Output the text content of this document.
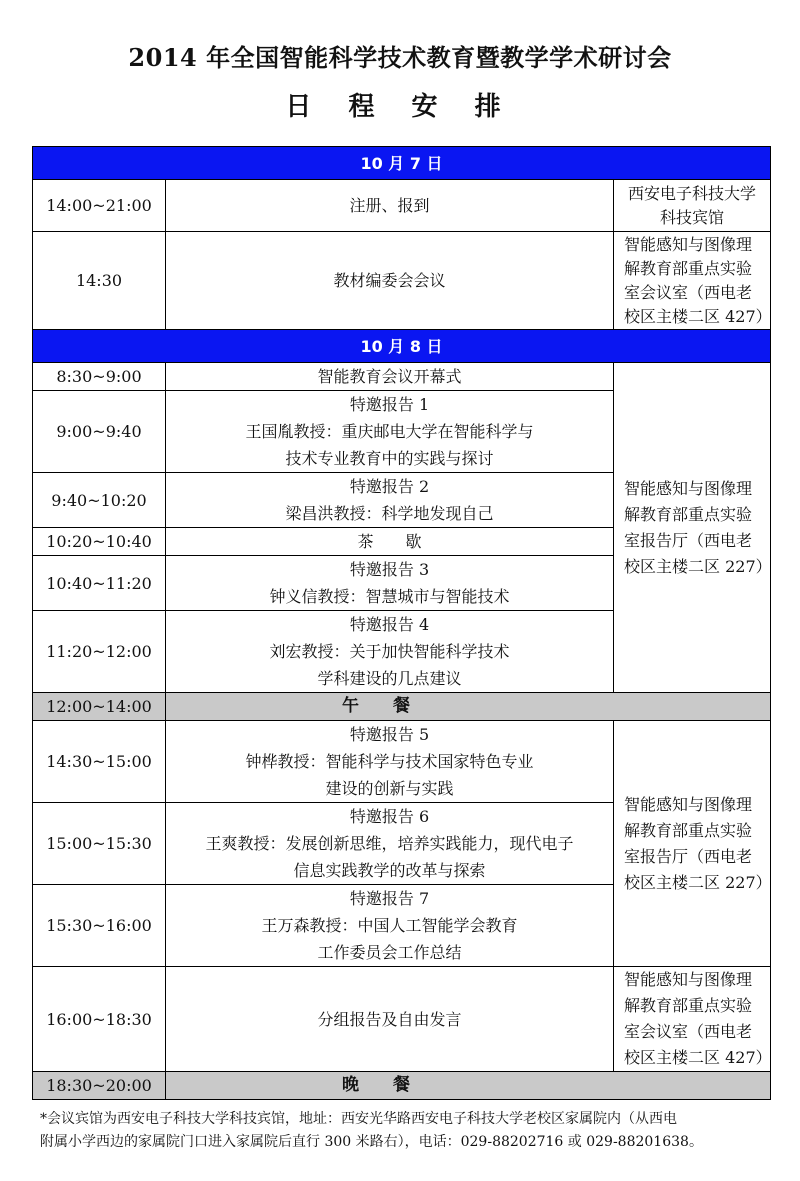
2014 年全国智能科学技术教育暨教学学术研讨会
日 程 安 排
10 月 7 日		
14:00~21:00	注册、报到	西安电子科技大学
科技宾馆

14:30	教材编委会会议	智能感知与图像理
解教育部重点实验
室会议室（西电老
校区主楼二区 427）

10 月 8 日		
8:30~9:00	智能教育会议开幕式	智能感知与图像理
解教育部重点实验
室报告厅（西电老
校区主楼二区 227）

9:00~9:40	特邀报告 1
王国胤教授：重庆邮电大学在智能科学与
技术专业教育中的实践与探讨	

9:40~10:20	特邀报告 2
梁昌洪教授：科学地发现自己	

10:20~10:40	茶　　歇	

10:40~11:20	特邀报告 3
钟义信教授：智慧城市与智能技术	

11:20~12:00	特邀报告 4
刘宏教授：关于加快智能科学技术
学科建设的几点建议	

12:00~14:00	午　　餐	
14:30~15:00	特邀报告 5
钟桦教授：智能科学与技术国家特色专业
建设的创新与实践	智能感知与图像理
解教育部重点实验
室报告厅（西电老
校区主楼二区 227）

15:00~15:30	特邀报告 6
王爽教授：发展创新思维，培养实践能力，现代电子
信息实践教学的改革与探索	

15:30~16:00	特邀报告 7
王万森教授：中国人工智能学会教育
工作委员会工作总结	

16:00~18:30	分组报告及自由发言	智能感知与图像理
解教育部重点实验
室会议室（西电老
校区主楼二区 427）

18:30~20:00	晚　　餐	
*会议宾馆为西安电子科技大学科技宾馆，地址：西安光华路西安电子科技大学老校区家属院内（从西电
附属小学西边的家属院门口进入家属院后直行 300 米路右），电话：029-88202716 或 029-88201638。
